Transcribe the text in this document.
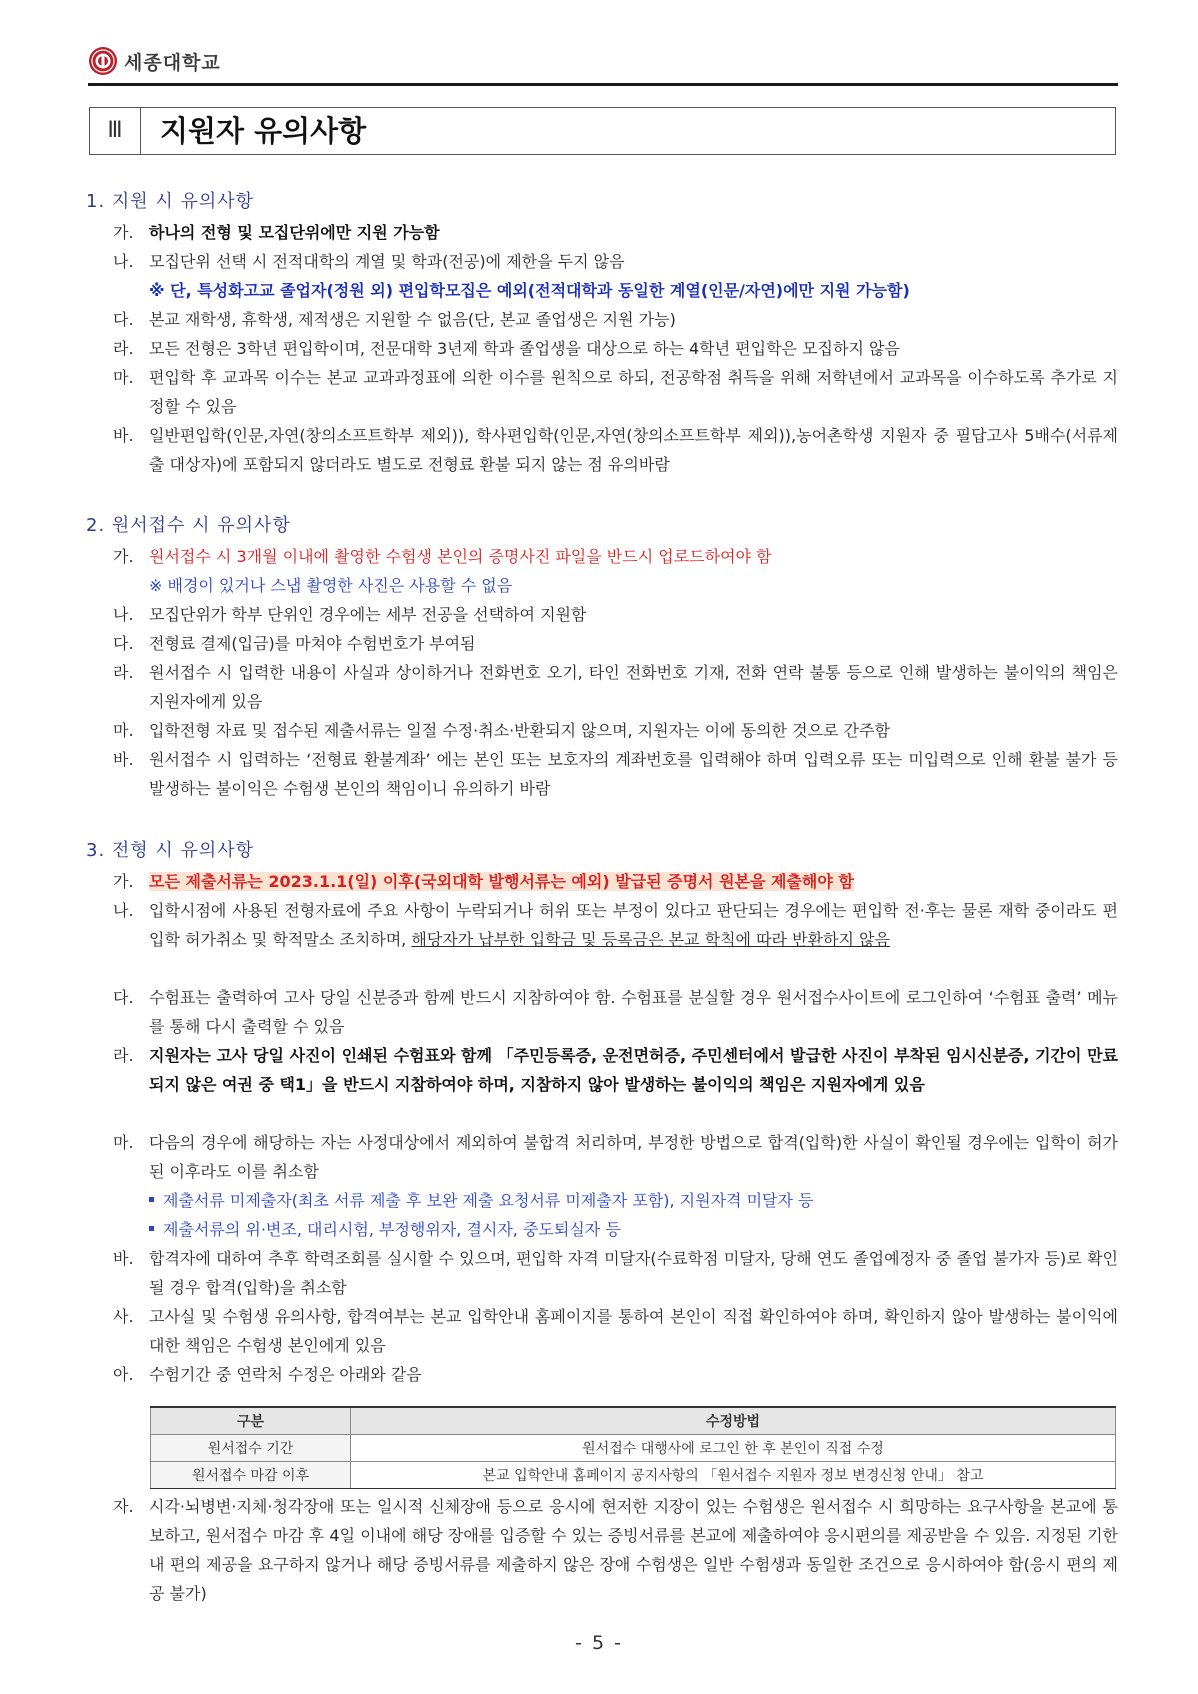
세종대학교
Ⅲ	지원자 유의사항
1. 지원 시 유의사항
가. 하나의 전형 및 모집단위에만 지원 가능함
나. 모집단위 선택 시 전적대학의 계열 및 학과(전공)에 제한을 두지 않음
※ 단, 특성화고교 졸업자(정원 외) 편입학모집은 예외(전적대학과 동일한 계열(인문/자연)에만 지원 가능함)
다. 본교 재학생, 휴학생, 제적생은 지원할 수 없음(단, 본교 졸업생은 지원 가능)
라. 모든 전형은 3학년 편입학이며, 전문대학 3년제 학과 졸업생을 대상으로 하는 4학년 편입학은 모집하지 않음
마. 편입학 후 교과목 이수는 본교 교과과정표에 의한 이수를 원칙으로 하되, 전공학점 취득을 위해 저학년에서 교과목을 이수하도록 추가로 지정할 수 있음
바. 일반편입학(인문,자연(창의소프트학부 제외)), 학사편입학(인문,자연(창의소프트학부 제외)),농어촌학생 지원자 중 필답고사 5배수(서류제출 대상자)에 포함되지 않더라도 별도로 전형료 환불 되지 않는 점 유의바람
2. 원서접수 시 유의사항
가. 원서접수 시 3개월 이내에 촬영한 수험생 본인의 증명사진 파일을 반드시 업로드하여야 함
※ 배경이 있거나 스냅 촬영한 사진은 사용할 수 없음
나. 모집단위가 학부 단위인 경우에는 세부 전공을 선택하여 지원함
다. 전형료 결제(입금)를 마쳐야 수험번호가 부여됨
라. 원서접수 시 입력한 내용이 사실과 상이하거나 전화번호 오기, 타인 전화번호 기재, 전화 연락 불통 등으로 인해 발생하는 불이익의 책임은 지원자에게 있음
마. 입학전형 자료 및 접수된 제출서류는 일절 수정·취소·반환되지 않으며, 지원자는 이에 동의한 것으로 간주함
바. 원서접수 시 입력하는 ‘전형료 환불계좌’ 에는 본인 또는 보호자의 계좌번호를 입력해야 하며 입력오류 또는 미입력으로 인해 환불 불가 등 발생하는 불이익은 수험생 본인의 책임이니 유의하기 바람
3. 전형 시 유의사항
가. 모든 제출서류는 2023.1.1(일) 이후(국외대학 발행서류는 예외) 발급된 증명서 원본을 제출해야 함
나. 입학시점에 사용된 전형자료에 주요 사항이 누락되거나 허위 또는 부정이 있다고 판단되는 경우에는 편입학 전·후는 물론 재학 중이라도 편입학 허가취소 및 학적말소 조치하며, 해당자가 납부한 입학금 및 등록금은 본교 학칙에 따라 반환하지 않음
다. 수험표는 출력하여 고사 당일 신분증과 함께 반드시 지참하여야 함. 수험표를 분실할 경우 원서접수사이트에 로그인하여 ‘수험표 출력’ 메뉴를 통해 다시 출력할 수 있음
라. 지원자는 고사 당일 사진이 인쇄된 수험표와 함께 「주민등록증, 운전면허증, 주민센터에서 발급한 사진이 부착된 임시신분증, 기간이 만료되지 않은 여권 중 택1」을 반드시 지참하여야 하며, 지참하지 않아 발생하는 불이익의 책임은 지원자에게 있음
마. 다음의 경우에 해당하는 자는 사정대상에서 제외하여 불합격 처리하며, 부정한 방법으로 합격(입학)한 사실이 확인될 경우에는 입학이 허가된 이후라도 이를 취소함
제출서류 미제출자(최초 서류 제출 후 보완 제출 요청서류 미제출자 포함), 지원자격 미달자 등
제출서류의 위·변조, 대리시험, 부정행위자, 결시자, 중도퇴실자 등
바. 합격자에 대하여 추후 학력조회를 실시할 수 있으며, 편입학 자격 미달자(수료학점 미달자, 당해 연도 졸업예정자 중 졸업 불가자 등)로 확인될 경우 합격(입학)을 취소함
사. 고사실 및 수험생 유의사항, 합격여부는 본교 입학안내 홈페이지를 통하여 본인이 직접 확인하여야 하며, 확인하지 않아 발생하는 불이익에 대한 책임은 수험생 본인에게 있음
아. 수험기간 중 연락처 수정은 아래와 같음
구분	수정방법
원서접수 기간	원서접수 대행사에 로그인 한 후 본인이 직접 수정
원서접수 마감 이후	본교 입학안내 홈페이지 공지사항의 「원서접수 지원자 정보 변경신청 안내」 참고
자. 시각·뇌병변·지체·청각장애 또는 일시적 신체장애 등으로 응시에 현저한 지장이 있는 수험생은 원서접수 시 희망하는 요구사항을 본교에 통보하고, 원서접수 마감 후 4일 이내에 해당 장애를 입증할 수 있는 증빙서류를 본교에 제출하여야 응시편의를 제공받을 수 있음. 지정된 기한 내 편의 제공을 요구하지 않거나 해당 증빙서류를 제출하지 않은 장애 수험생은 일반 수험생과 동일한 조건으로 응시하여야 함(응시 편의 제공 불가)
- 5 -
